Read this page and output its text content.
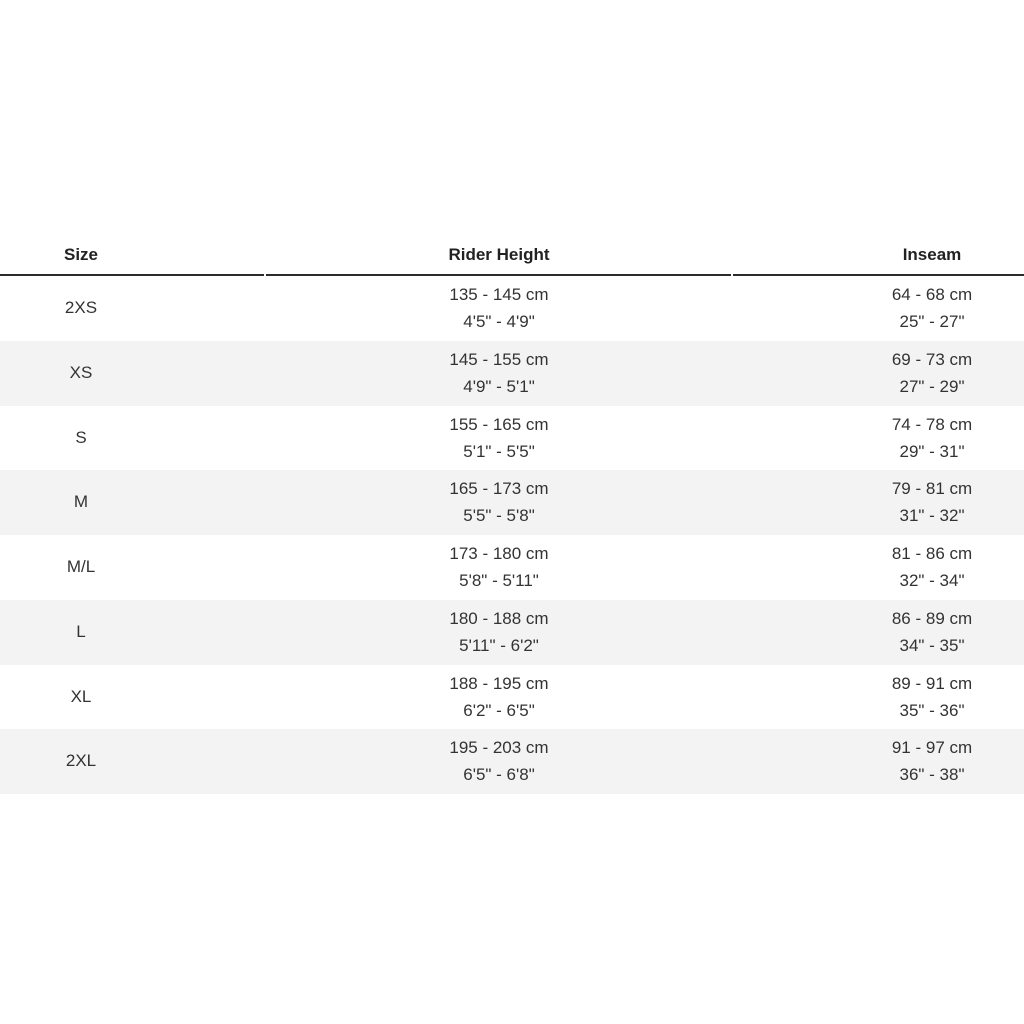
Size	Rider Height	Inseam
2XS
135 - 145 cm
4'5" - 4'9"
64 - 68 cm
25" - 27"
XS
145 - 155 cm
4'9" - 5'1"
69 - 73 cm
27" - 29"
S
155 - 165 cm
5'1" - 5'5"
74 - 78 cm
29" - 31"
M
165 - 173 cm
5'5" - 5'8"
79 - 81 cm
31" - 32"
M/L
173 - 180 cm
5'8" - 5'11"
81 - 86 cm
32" - 34"
L
180 - 188 cm
5'11" - 6'2"
86 - 89 cm
34" - 35"
XL
188 - 195 cm
6'2" - 6'5"
89 - 91 cm
35" - 36"
2XL
195 - 203 cm
6'5" - 6'8"
91 - 97 cm
36" - 38"
